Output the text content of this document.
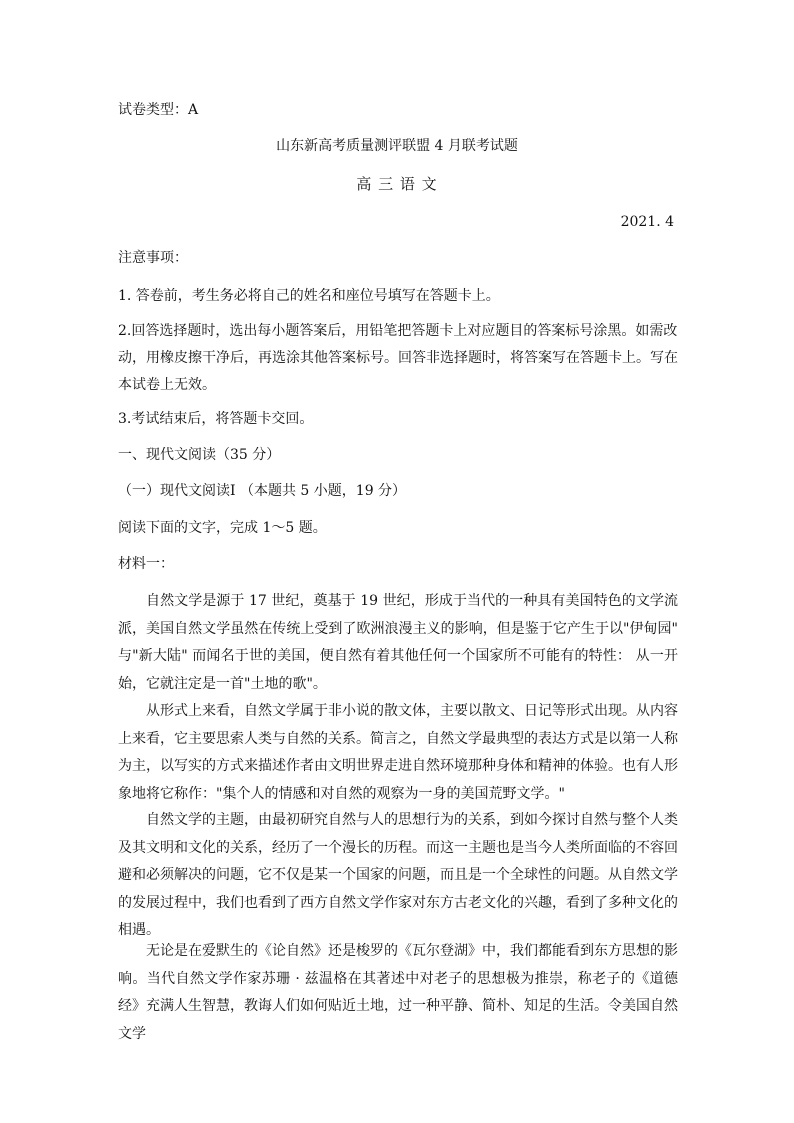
试卷类型：A
山东新高考质量测评联盟 4 月联考试题
高 三 语 文
2021. 4
注意事项：
1. 答卷前，考生务必将自己的姓名和座位号填写在答题卡上。

2.回答选择题时，选出每小题答案后，用铅笔把答题卡上对应题目的答案标号涂黑。如需改动，用橡皮擦干净后，再选涂其他答案标号。回答非选择题时，将答案写在答题卡上。写在本试卷上无效。

3.考试结束后，将答题卡交回。
一、现代文阅读（35 分）
（一）现代文阅读Ⅰ （本题共 5 小题，19 分）
阅读下面的文字，完成 1～5 题。
材料一：
自然文学是源于 17 世纪，奠基于 19 世纪，形成于当代的一种具有美国特色的文学流派，美国自然文学虽然在传统上受到了欧洲浪漫主义的影响，但是鉴于它产生于以"伊甸园" 与"新大陆" 而闻名于世的美国，便自然有着其他任何一个国家所不可能有的特性： 从一开始，它就注定是一首"土地的歌"。
从形式上来看，自然文学属于非小说的散文体，主要以散文、日记等形式出现。从内容上来看，它主要思索人类与自然的关系。简言之，自然文学最典型的表达方式是以第一人称为主，以写实的方式来描述作者由文明世界走进自然环境那种身体和精神的体验。也有人形象地将它称作："集个人的情感和对自然的观察为一身的美国荒野文学。"
自然文学的主题，由最初研究自然与人的思想行为的关系，到如今探讨自然与整个人类及其文明和文化的关系，经历了一个漫长的历程。而这一主题也是当今人类所面临的不容回避和必须解决的问题，它不仅是某一个国家的问题，而且是一个全球性的问题。从自然文学的发展过程中，我们也看到了西方自然文学作家对东方古老文化的兴趣，看到了多种文化的相遇。
无论是在爱默生的《论自然》还是梭罗的《瓦尔登湖》中，我们都能看到东方思想的影响。当代自然文学作家苏珊 · 兹温格在其著述中对老子的思想极为推崇，称老子的《道德经》充满人生智慧，教诲人们如何贴近土地，过一种平静、简朴、知足的生活。令美国自然文学
